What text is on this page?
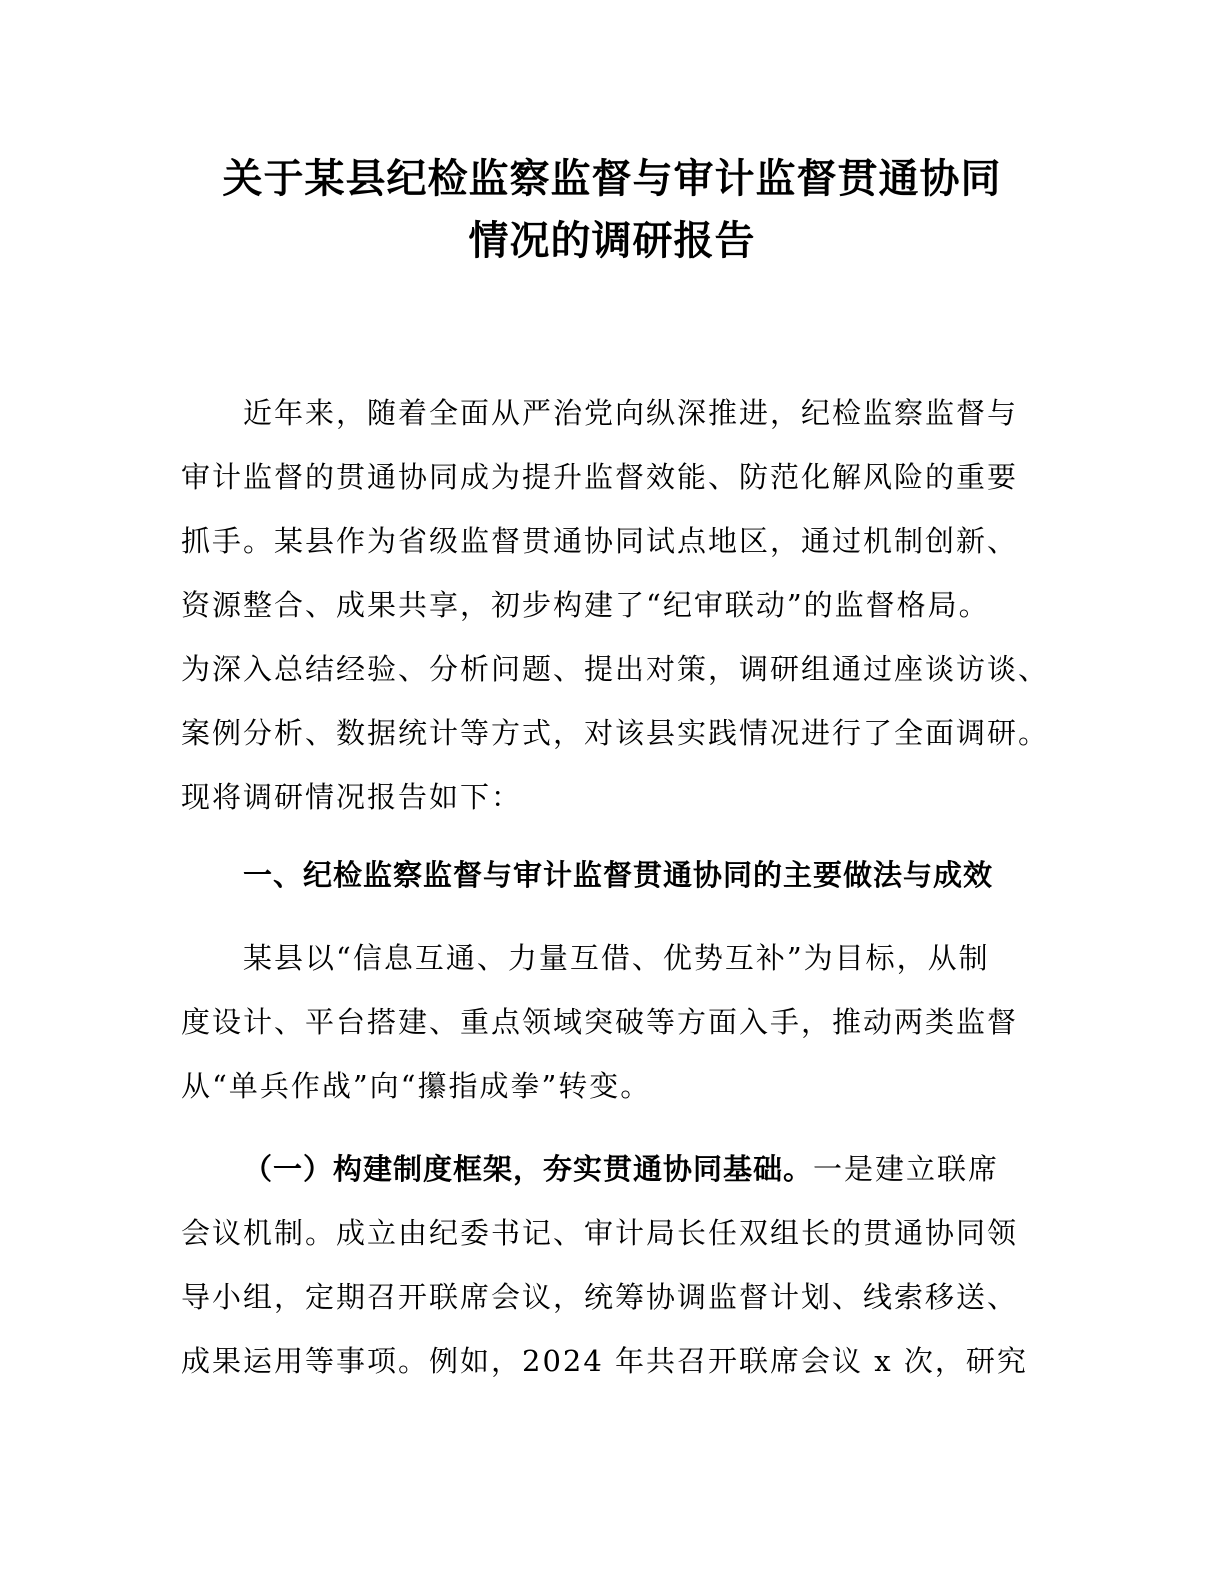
关于某县纪检监察监督与审计监督贯通协同
情况的调研报告

近年来，随着全面从严治党向纵深推进，纪检监察监督与
审计监督的贯通协同成为提升监督效能、防范化解风险的重要
抓手。某县作为省级监督贯通协同试点地区，通过机制创新、
资源整合、成果共享，初步构建了“纪审联动”的监督格局。
为深入总结经验、分析问题、提出对策，调研组通过座谈访谈、
案例分析、数据统计等方式，对该县实践情况进行了全面调研。
现将调研情况报告如下：

一、纪检监察监督与审计监督贯通协同的主要做法与成效

某县以“信息互通、力量互借、优势互补”为目标，从制
度设计、平台搭建、重点领域突破等方面入手，推动两类监督
从“单兵作战”向“攥指成拳”转变。

（一）构建制度框架，夯实贯通协同基础。一是建立联席
会议机制。成立由纪委书记、审计局长任双组长的贯通协同领
导小组，定期召开联席会议，统筹协调监督计划、线索移送、
成果运用等事项。例如，2024 年共召开联席会议 x 次，研究
